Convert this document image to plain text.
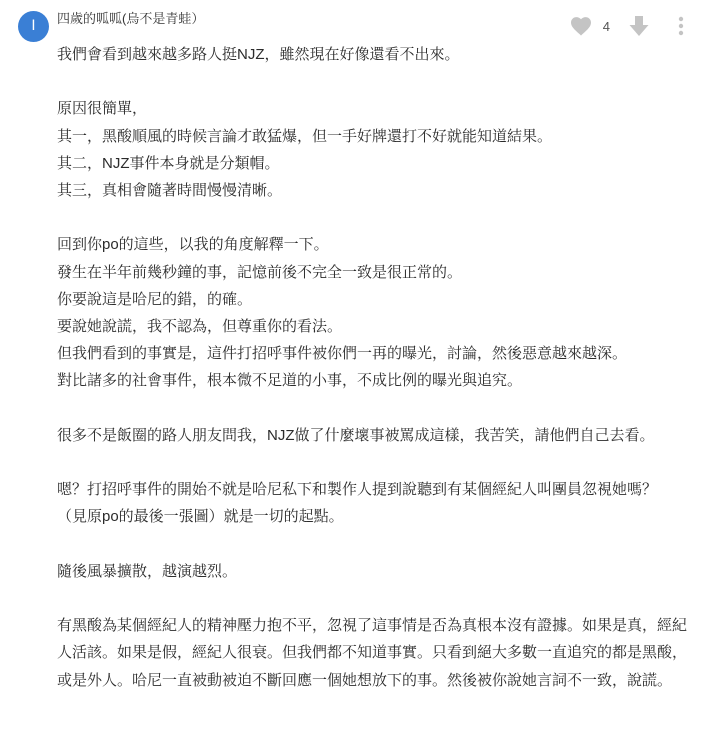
I	四歲的呱呱(烏不是青蛙）	4

我們會看到越來越多路人挺NJZ，雖然現在好像還看不出來。

原因很簡單，
其一，黑酸順風的時候言論才敢猛爆，但一手好牌還打不好就能知道結果。
其二，NJZ事件本身就是分類帽。
其三，真相會隨著時間慢慢清晰。

回到你po的這些，以我的角度解釋一下。
發生在半年前幾秒鐘的事，記憶前後不完全一致是很正常的。
你要說這是哈尼的錯，的確。
要說她說謊，我不認為，但尊重你的看法。
但我們看到的事實是，這件打招呼事件被你們一再的曝光，討論，然後惡意越來越深。
對比諸多的社會事件，根本微不足道的小事，不成比例的曝光與追究。

很多不是飯圈的路人朋友問我，NJZ做了什麼壞事被罵成這樣，我苦笑，請他們自己去看。

嗯？打招呼事件的開始不就是哈尼私下和製作人提到說聽到有某個經紀人叫團員忽視她嗎？
（見原po的最後一張圖）就是一切的起點。

隨後風暴擴散，越演越烈。

有黑酸為某個經紀人的精神壓力抱不平，忽視了這事情是否為真根本沒有證據。如果是真，經紀人活該。如果是假，經紀人很衰。但我們都不知道事實。只看到絕大多數一直追究的都是黑酸，或是外人。哈尼一直被動被迫不斷回應一個她想放下的事。然後被你說她言詞不一致，說謊。
